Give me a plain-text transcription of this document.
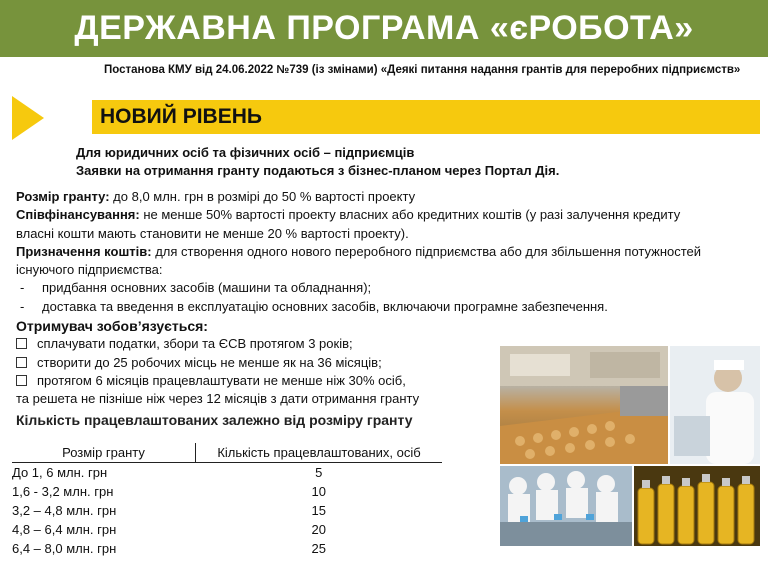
ДЕРЖАВНА ПРОГРАМА «єРОБОТА»
Постанова КМУ від 24.06.2022 №739 (із змінами) «Деякі питання надання грантів для переробних підприємств»
НОВИЙ РІВЕНЬ
Для юридичних осіб та фізичних осіб – підприємців
Заявки на отримання гранту подаються з бізнес-планом через Портал Дія.

Розмір гранту: до 8,0 млн. грн в розмірі до 50 % вартості проекту

Співфінансування: не менше 50% вартості проекту власних або кредитних коштів (у разі залучення кредиту власні кошти мають становити не менше 20 % вартості проекту).

Призначення коштів: для створення одного нового переробного підприємства або для збільшення потужностей існуючого підприємства:

- придбання основних засобів (машини та обладнання);

- доставка та введення в експлуатацію основних засобів, включаючи програмне забезпечення.

Отримувач зобов’язується:

сплачувати податки, збори та ЄСВ протягом 3 років;

створити до 25 робочих місць не менше як на 36 місяців;

протягом 6 місяців працевлаштувати не менше ніж 30% осіб,

та решета не пізніше ніж через 12 місяців з дати отримання гранту

Кількість працевлаштованих залежно від розміру гранту
Розмір гранту	Кількість працевлаштованих, осіб
До 1, 6 млн. грн	5
1,6 - 3,2 млн. грн	10
3,2 – 4,8 млн. грн	15
4,8 – 6,4 млн. грн	20
6,4 – 8,0 млн. грн	25
